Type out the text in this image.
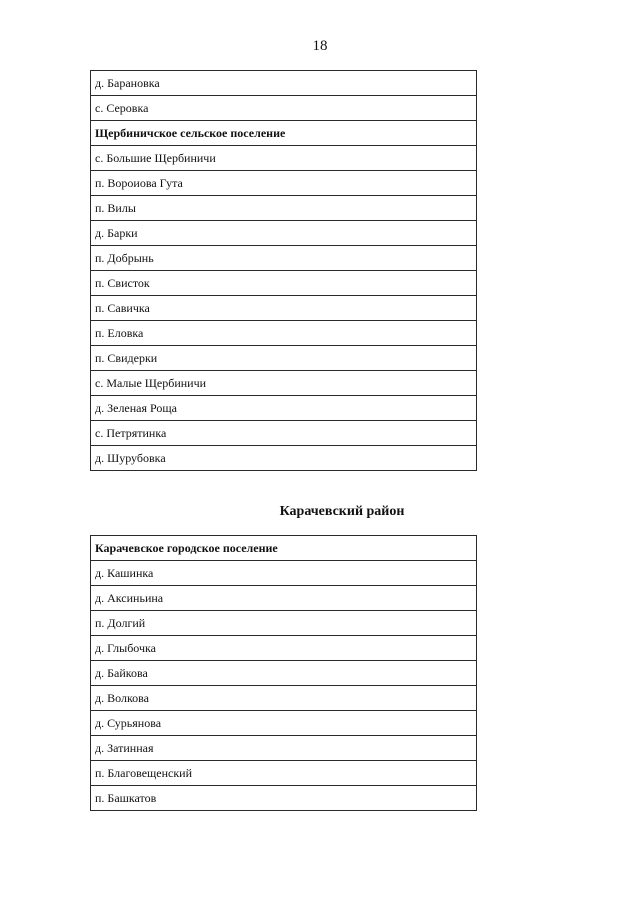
18
д. Барановка
с. Серовка
Щербиничское сельское поселение
с. Большие Щербиничи
п. Вороиова Гута
п. Вилы
д. Барки
п. Добрынь
п. Свисток
п. Савичка
п. Еловка
п. Свидерки
с. Малые Щербиничи
д. Зеленая Роща
с. Петрятинка
д. Шурубовка
Карачевский район
Карачевское городское поселение
д. Кашинка
д. Аксиньина
п. Долгий
д. Глыбочка
д. Байкова
д. Волкова
д. Сурьянова
д. Затинная
п. Благовещенский
п. Башкатов
